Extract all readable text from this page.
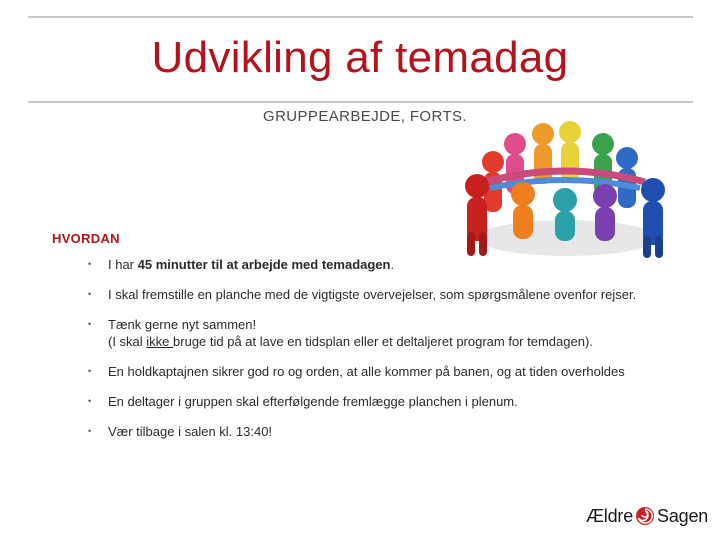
Udvikling af temadag
GRUPPEARBEJDE, FORTS.
HVORDAN
• I har 45 minutter til at arbejde med temadagen.
• I skal fremstille en planche med de vigtigste overvejelser, som spørgsmålene ovenfor rejser.
• Tænk gerne nyt sammen!
(I skal ikke bruge tid på at lave en tidsplan eller et deltaljeret program for temdagen).
• En holdkaptajnen sikrer god ro og orden, at alle kommer på banen, og at tiden overholdes
• En deltager i gruppen skal efterfølgende fremlægge planchen i plenum.
• Vær tilbage i salen kl. 13:40!
Ældre Sagen
